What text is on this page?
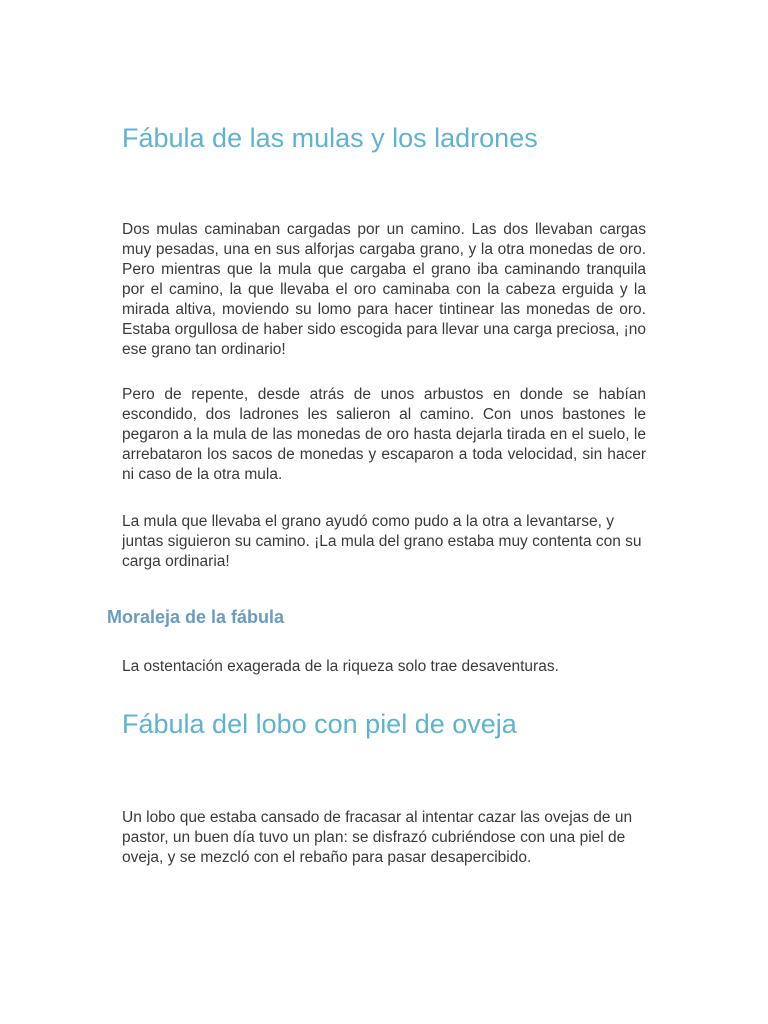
Fábula de las mulas y los ladrones

Dos mulas caminaban cargadas por un camino. Las dos llevaban cargas muy pesadas, una en sus alforjas cargaba grano, y la otra monedas de oro. Pero mientras que la mula que cargaba el grano iba caminando tranquila por el camino, la que llevaba el oro caminaba con la cabeza erguida y la mirada altiva, moviendo su lomo para hacer tintinear las monedas de oro. Estaba orgullosa de haber sido escogida para llevar una carga preciosa, ¡no ese grano tan ordinario!

Pero de repente, desde atrás de unos arbustos en donde se habían escondido, dos ladrones les salieron al camino. Con unos bastones le pegaron a la mula de las monedas de oro hasta dejarla tirada en el suelo, le arrebataron los sacos de monedas y escaparon a toda velocidad, sin hacer ni caso de la otra mula.

La mula que llevaba el grano ayudó como pudo a la otra a levantarse, y juntas siguieron su camino. ¡La mula del grano estaba muy contenta con su carga ordinaria!

Moraleja de la fábula

La ostentación exagerada de la riqueza solo trae desaventuras.

Fábula del lobo con piel de oveja

Un lobo que estaba cansado de fracasar al intentar cazar las ovejas de un pastor, un buen día tuvo un plan: se disfrazó cubriéndose con una piel de oveja, y se mezcló con el rebaño para pasar desapercibido.
